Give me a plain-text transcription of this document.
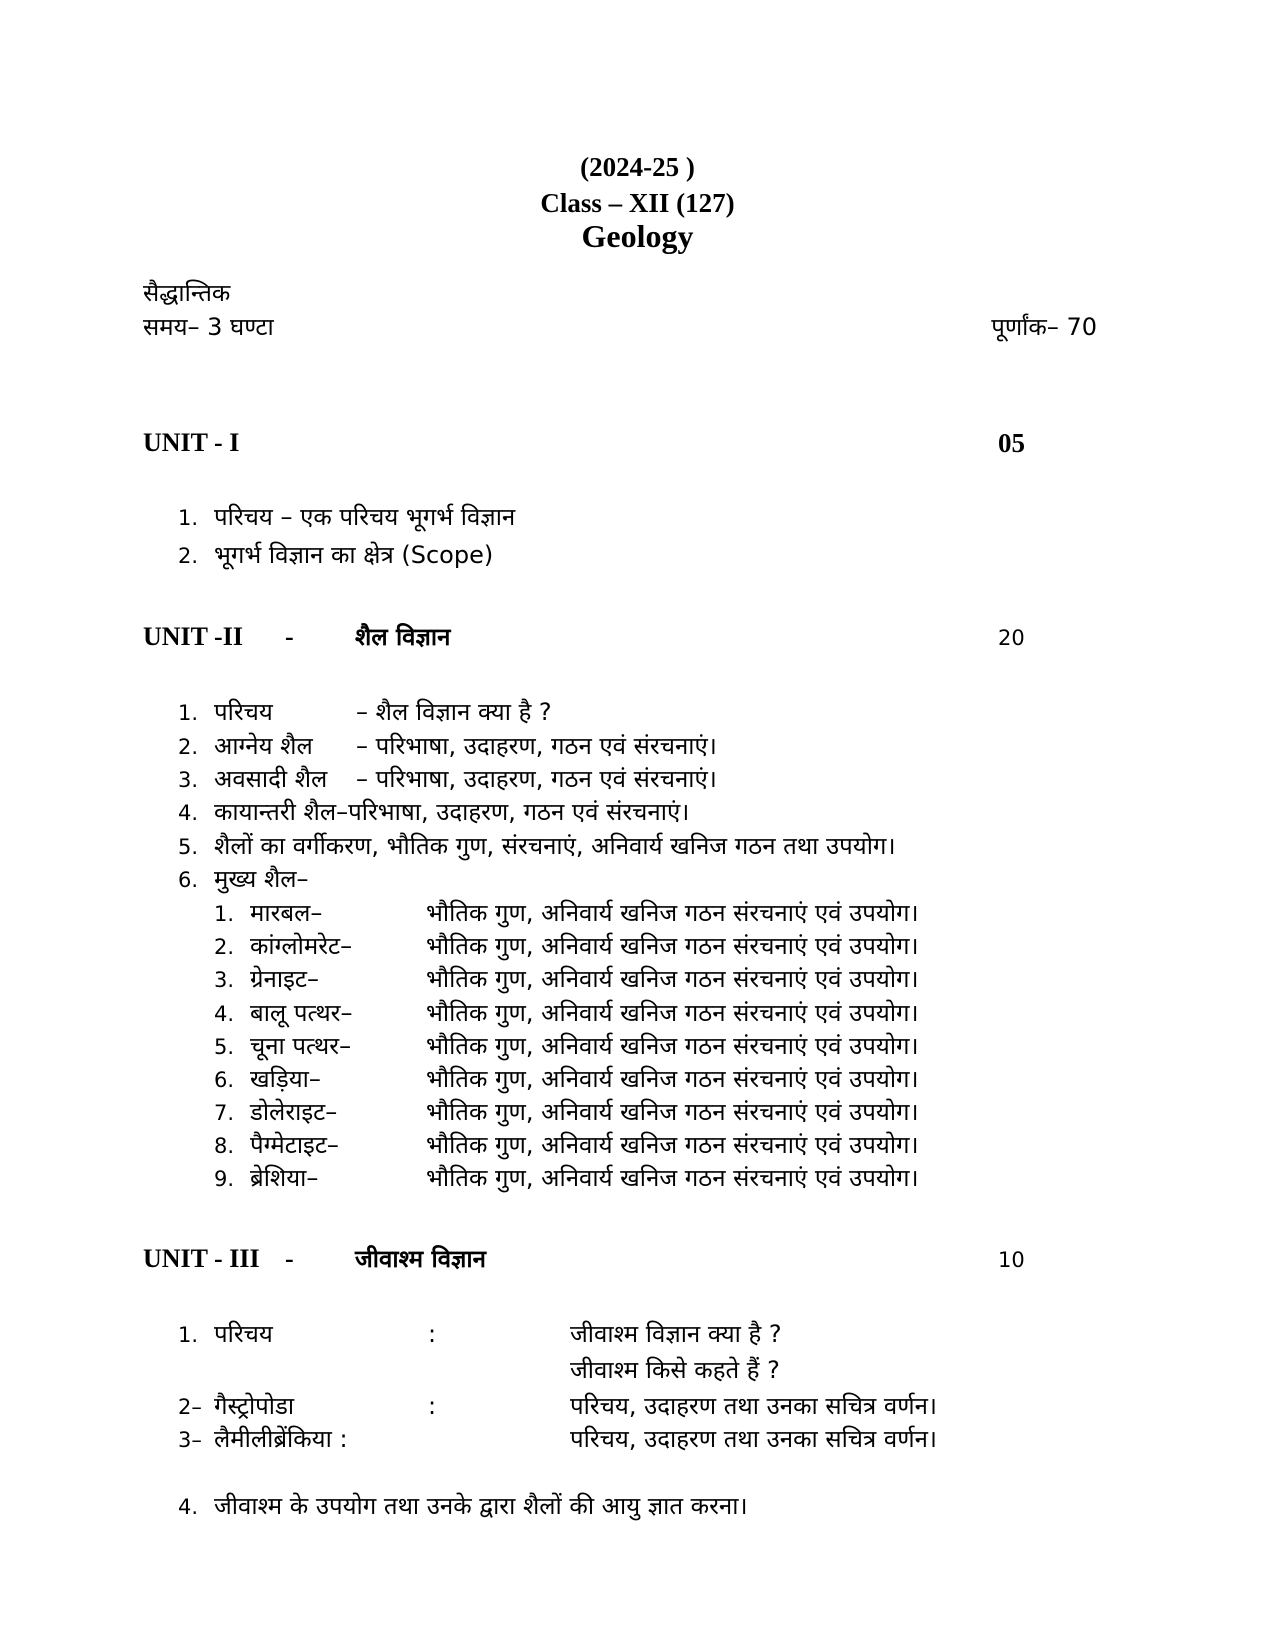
(2024-25 )
Class – XII (127)
Geology
सैद्धान्तिक
समय– 3 घण्टा	पूर्णांक– 70
UNIT - I	05
1. परिचय – एक परिचय भूगर्भ विज्ञान
2. भूगर्भ विज्ञान का क्षेत्र (Scope)
UNIT -II -	शैल विज्ञान	20
1. परिचय	– शैल विज्ञान क्या है ?
2. आग्नेय शैल – परिभाषा, उदाहरण, गठन एवं संरचनाएं।
3. अवसादी शैल – परिभाषा, उदाहरण, गठन एवं संरचनाएं।
4. कायान्तरी शैल–परिभाषा, उदाहरण, गठन एवं संरचनाएं।
5. शैलों का वर्गीकरण, भौतिक गुण, संरचनाएं, अनिवार्य खनिज गठन तथा उपयोग।
6. मुख्य शैल–
1. मारबल–	भौतिक गुण, अनिवार्य खनिज गठन संरचनाएं एवं उपयोग।
2. कांग्लोमरेट–	भौतिक गुण, अनिवार्य खनिज गठन संरचनाएं एवं उपयोग।
3. ग्रेनाइट–	भौतिक गुण, अनिवार्य खनिज गठन संरचनाएं एवं उपयोग।
4. बालू पत्थर–	भौतिक गुण, अनिवार्य खनिज गठन संरचनाएं एवं उपयोग।
5. चूना पत्थर–	भौतिक गुण, अनिवार्य खनिज गठन संरचनाएं एवं उपयोग।
6. खड़िया–	भौतिक गुण, अनिवार्य खनिज गठन संरचनाएं एवं उपयोग।
7. डोलेराइट–	भौतिक गुण, अनिवार्य खनिज गठन संरचनाएं एवं उपयोग।
8. पैग्मेटाइट–	भौतिक गुण, अनिवार्य खनिज गठन संरचनाएं एवं उपयोग।
9. ब्रेशिया–	भौतिक गुण, अनिवार्य खनिज गठन संरचनाएं एवं उपयोग।
UNIT - III -	जीवाश्म विज्ञान	10
1. परिचय	:	जीवाश्म विज्ञान क्या है ?
जीवाश्म किसे कहते हैं ?
2– गैस्ट्रोपोडा	:	परिचय, उदाहरण तथा उनका सचित्र वर्णन।
3– लैमीलीब्रेंकिया :	परिचय, उदाहरण तथा उनका सचित्र वर्णन।
4. जीवाश्म के उपयोग तथा उनके द्वारा शैलों की आयु ज्ञात करना।
